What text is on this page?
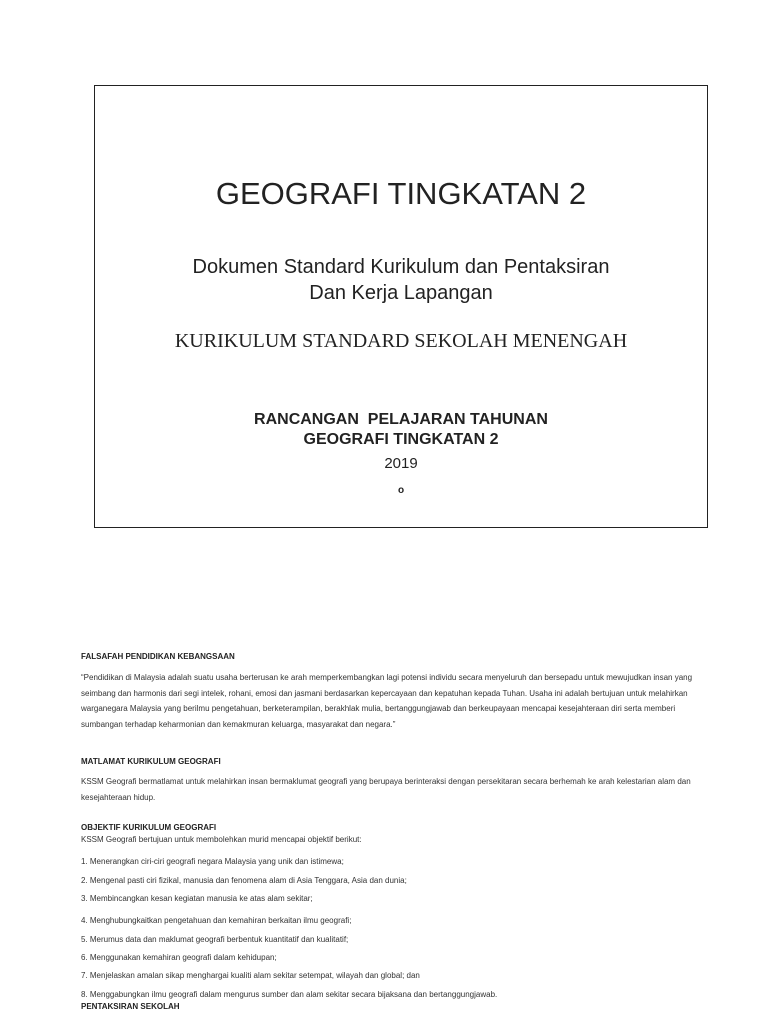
GEOGRAFI TINGKATAN 2
Dokumen Standard Kurikulum dan Pentaksiran
Dan Kerja Lapangan
KURIKULUM STANDARD SEKOLAH MENENGAH
RANCANGAN  PELAJARAN TAHUNAN
GEOGRAFI TINGKATAN 2
2019
o
FALSAFAH PENDIDIKAN KEBANGSAAN
“Pendidikan di Malaysia adalah suatu usaha berterusan ke arah memperkembangkan lagi potensi individu secara menyeluruh dan bersepadu untuk mewujudkan insan yang seimbang dan harmonis dari segi intelek, rohani, emosi dan jasmani berdasarkan kepercayaan dan kepatuhan kepada Tuhan. Usaha ini adalah bertujuan untuk melahirkan warganegara Malaysia yang berilmu pengetahuan, berketerampilan, berakhlak mulia, bertanggungjawab dan berkeupayaan mencapai kesejahteraan diri serta memberi sumbangan terhadap keharmonian dan kemakmuran keluarga, masyarakat dan negara.”
MATLAMAT KURIKULUM GEOGRAFI
KSSM Geografi bermatlamat untuk melahirkan insan bermaklumat geografi yang berupaya berinteraksi dengan persekitaran secara berhemah ke arah kelestarian alam dan kesejahteraan hidup.
OBJEKTIF KURIKULUM GEOGRAFI
KSSM Geografi bertujuan untuk membolehkan murid mencapai objektif berikut:
1. Menerangkan ciri-ciri geografi negara Malaysia yang unik dan istimewa;
2. Mengenal pasti ciri fizikal, manusia dan fenomena alam di Asia Tenggara, Asia dan dunia;
3. Membincangkan kesan kegiatan manusia ke atas alam sekitar;
4. Menghubungkaitkan pengetahuan dan kemahiran berkaitan ilmu geografi;
5. Merumus data dan maklumat geografi berbentuk kuantitatif dan kualitatif;
6. Menggunakan kemahiran geografi dalam kehidupan;
7. Menjelaskan amalan sikap menghargai kualiti alam sekitar setempat, wilayah dan global; dan
8. Menggabungkan ilmu geografi dalam mengurus sumber dan alam sekitar secara bijaksana dan bertanggungjawab.
PENTAKSIRAN SEKOLAH
